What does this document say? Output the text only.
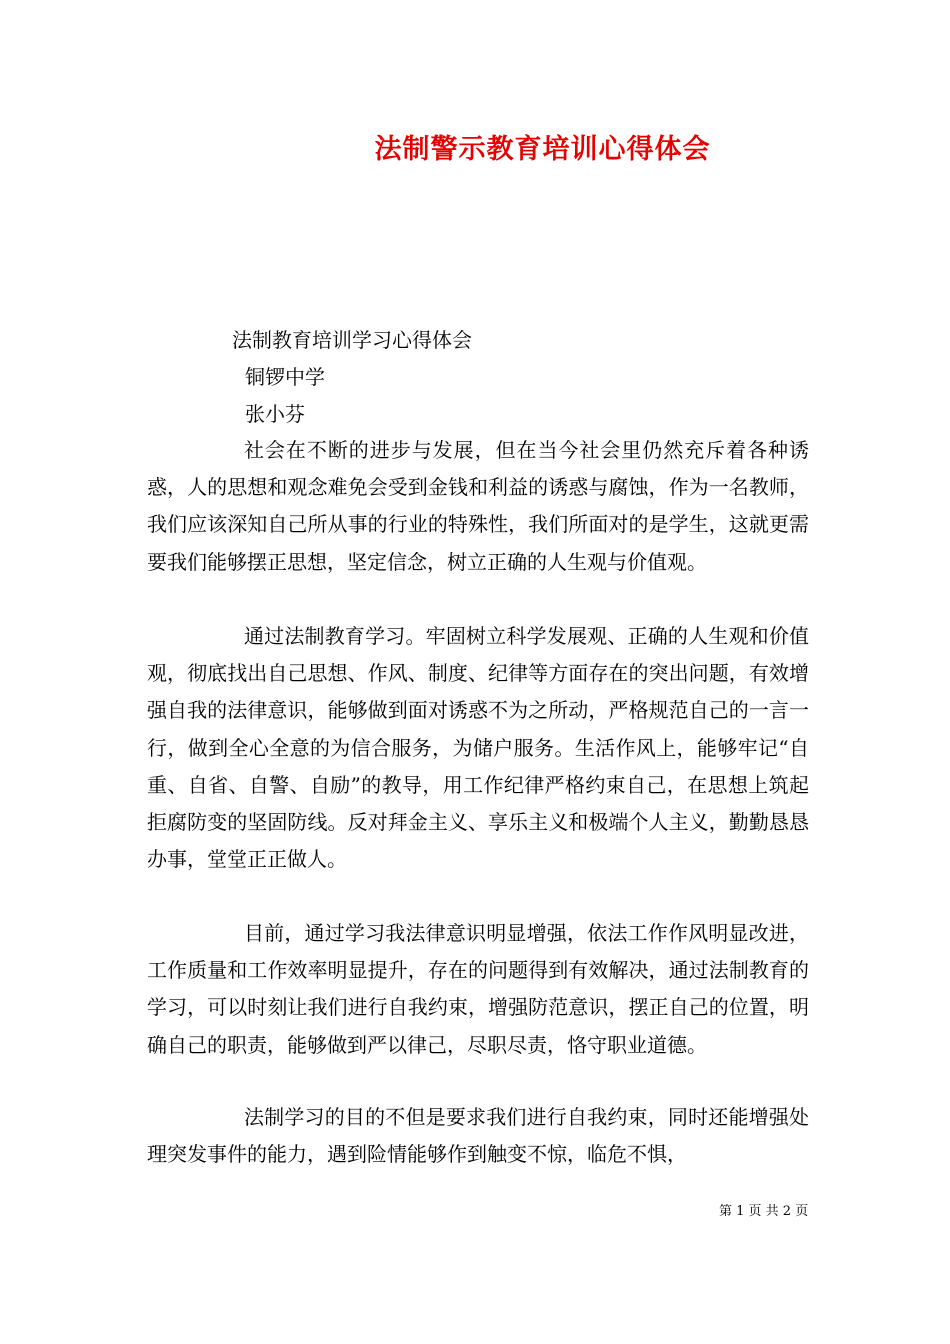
法制警示教育培训心得体会
法制教育培训学习心得体会
铜锣中学
张小芬

社会在不断的进步与发展，但在当今社会里仍然充斥着各种诱惑，人的思想和观念难免会受到金钱和利益的诱惑与腐蚀，作为一名教师，我们应该深知自己所从事的行业的特殊性，我们所面对的是学生，这就更需要我们能够摆正思想，坚定信念，树立正确的人生观与价值观。

通过法制教育学习。牢固树立科学发展观、正确的人生观和价值观，彻底找出自己思想、作风、制度、纪律等方面存在的突出问题，有效增强自我的法律意识，能够做到面对诱惑不为之所动，严格规范自己的一言一行，做到全心全意的为信合服务，为储户服务。生活作风上，能够牢记“自重、自省、自警、自励”的教导，用工作纪律严格约束自己，在思想上筑起拒腐防变的坚固防线。反对拜金主义、享乐主义和极端个人主义，勤勤恳恳办事，堂堂正正做人。

目前，通过学习我法律意识明显增强，依法工作作风明显改进，工作质量和工作效率明显提升，存在的问题得到有效解决，通过法制教育的学习，可以时刻让我们进行自我约束，增强防范意识，摆正自己的位置，明确自己的职责，能够做到严以律己，尽职尽责，恪守职业道德。

法制学习的目的不但是要求我们进行自我约束，同时还能增强处理突发事件的能力，遇到险情能够作到触变不惊，临危不惧，

第 1 页 共 2 页
